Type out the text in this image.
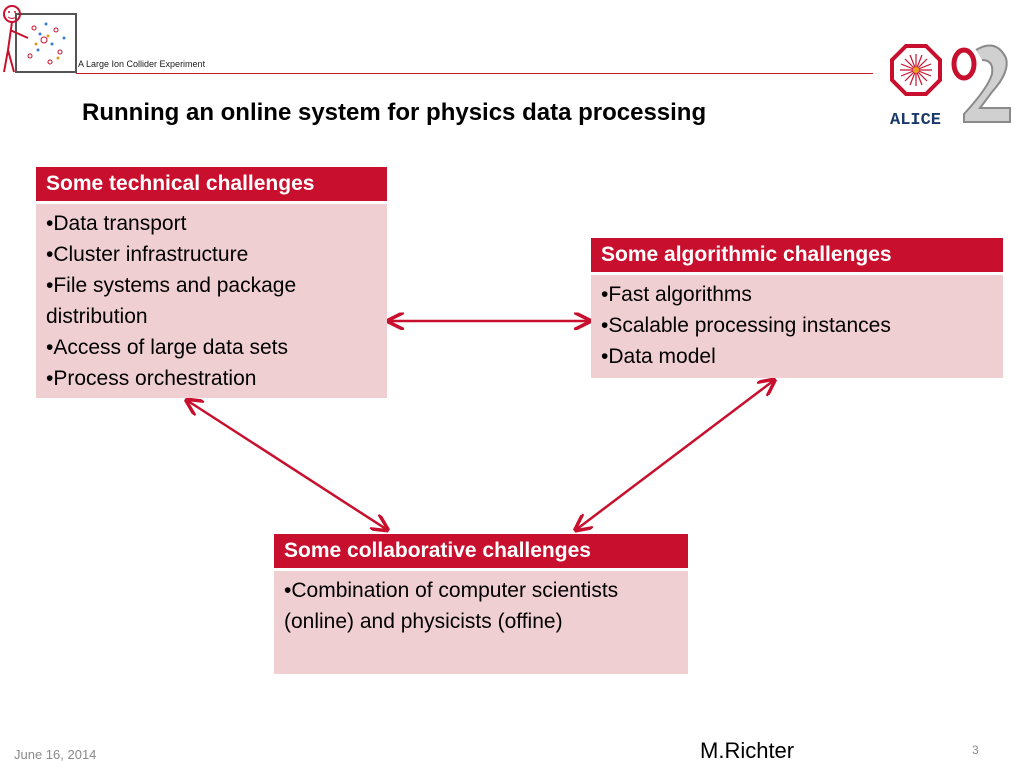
A Large Ion Collider Experiment
ALICE
Running an online system for physics data processing
Some technical challenges
•Data transport
•Cluster infrastructure
•File systems and package distribution
•Access of large data sets
•Process orchestration
Some algorithmic challenges
•Fast algorithms
•Scalable processing instances
•Data model
Some collaborative challenges
•Combination of computer scientists (online) and physicists (offine)
June 16, 2014	M.Richter	3
